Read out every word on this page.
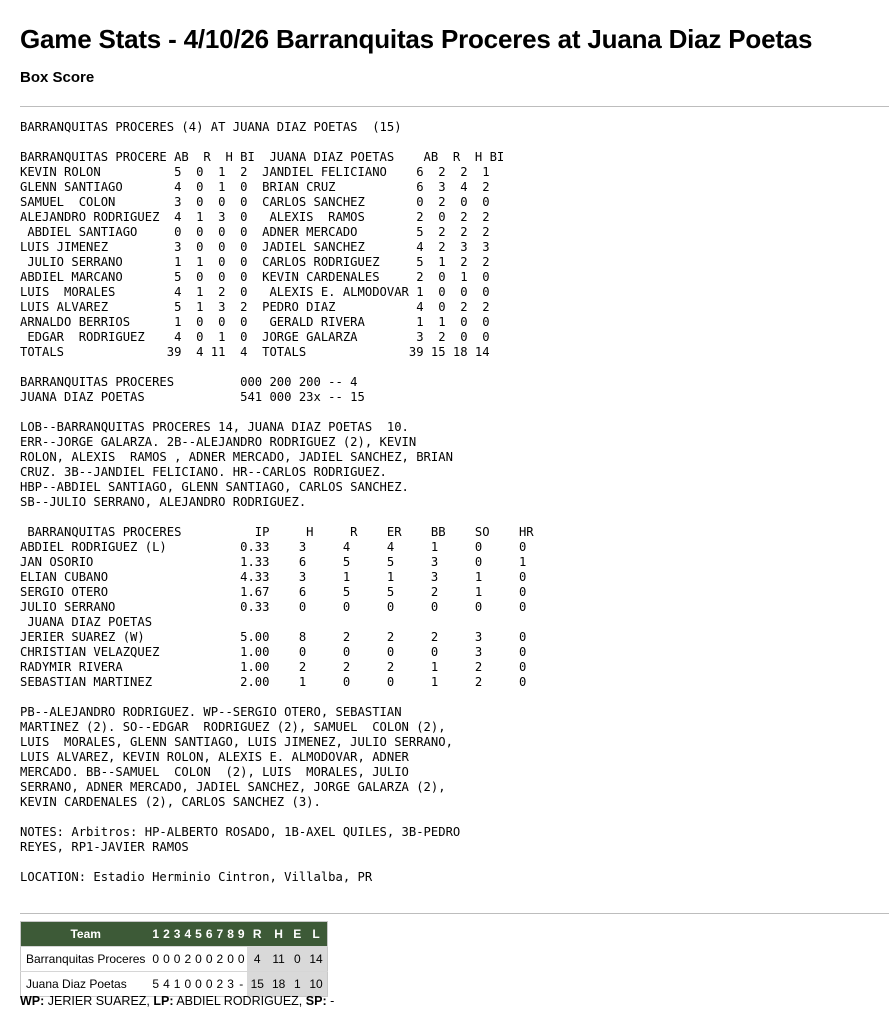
Game Stats - 4/10/26 Barranquitas Proceres at Juana Diaz Poetas
Box Score
BARRANQUITAS PROCERES (4) AT JUANA DIAZ POETAS  (15)

BARRANQUITAS PROCERE AB  R  H BI  JUANA DIAZ POETAS    AB  R  H BI
KEVIN ROLON          5  0  1  2  JANDIEL FELICIANO    6  2  2  1
GLENN SANTIAGO       4  0  1  0  BRIAN CRUZ           6  3  4  2
SAMUEL  COLON        3  0  0  0  CARLOS SANCHEZ       0  2  0  0
ALEJANDRO RODRIGUEZ  4  1  3  0   ALEXIS  RAMOS       2  0  2  2
ABDIEL SANTIAGO     0  0  0  0  ADNER MERCADO        5  2  2  2
LUIS JIMENEZ         3  0  0  0  JADIEL SANCHEZ       4  2  3  3
JULIO SERRANO       1  1  0  0  CARLOS RODRIGUEZ     5  1  2  2
ABDIEL MARCANO       5  0  0  0  KEVIN CARDENALES     2  0  1  0
LUIS  MORALES        4  1  2  0   ALEXIS E. ALMODOVAR 1  0  0  0
LUIS ALVAREZ         5  1  3  2  PEDRO DIAZ           4  0  2  2
ARNALDO BERRIOS      1  0  0  0   GERALD RIVERA       1  1  0  0
EDGAR  RODRIGUEZ    4  0  1  0  JORGE GALARZA        3  2  0  0
TOTALS              39  4 11  4  TOTALS              39 15 18 14

BARRANQUITAS PROCERES         000 200 200 -- 4
JUANA DIAZ POETAS             541 000 23x -- 15

LOB--BARRANQUITAS PROCERES 14, JUANA DIAZ POETAS  10.
ERR--JORGE GALARZA. 2B--ALEJANDRO RODRIGUEZ (2), KEVIN
ROLON, ALEXIS  RAMOS , ADNER MERCADO, JADIEL SANCHEZ, BRIAN
CRUZ. 3B--JANDIEL FELICIANO. HR--CARLOS RODRIGUEZ.
HBP--ABDIEL SANTIAGO, GLENN SANTIAGO, CARLOS SANCHEZ.
SB--JULIO SERRANO, ALEJANDRO RODRIGUEZ.

BARRANQUITAS PROCERES          IP     H     R    ER    BB    SO    HR
ABDIEL RODRIGUEZ (L)          0.33    3     4     4     1     0     0
JAN OSORIO                    1.33    6     5     5     3     0     1
ELIAN CUBANO                  4.33    3     1     1     3     1     0
SERGIO OTERO                  1.67    6     5     5     2     1     0
JULIO SERRANO                 0.33    0     0     0     0     0     0
JUANA DIAZ POETAS
JERIER SUAREZ (W)             5.00    8     2     2     2     3     0
CHRISTIAN VELAZQUEZ           1.00    0     0     0     0     3     0
RADYMIR RIVERA                1.00    2     2     2     1     2     0
SEBASTIAN MARTINEZ            2.00    1     0     0     1     2     0

PB--ALEJANDRO RODRIGUEZ. WP--SERGIO OTERO, SEBASTIAN
MARTINEZ (2). SO--EDGAR  RODRIGUEZ (2), SAMUEL  COLON (2),
LUIS  MORALES, GLENN SANTIAGO, LUIS JIMENEZ, JULIO SERRANO,
LUIS ALVAREZ, KEVIN ROLON, ALEXIS E. ALMODOVAR, ADNER
MERCADO. BB--SAMUEL  COLON  (2), LUIS  MORALES, JULIO
SERRANO, ADNER MERCADO, JADIEL SANCHEZ, JORGE GALARZA (2),
KEVIN CARDENALES (2), CARLOS SANCHEZ (3).

NOTES: Arbitros: HP-ALBERTO ROSADO, 1B-AXEL QUILES, 3B-PEDRO
REYES, RP1-JAVIER RAMOS

LOCATION: Estadio Herminio Cintron, Villalba, PR
Team	1	2	3	4	5	6	7	8	9	R	H	E	L
Barranquitas Proceres	0	0	0	2	0	0	2	0	0	4	11	0	14
Juana Diaz Poetas	5	4	1	0	0	0	2	3	-	15	18	1	10
WP: JERIER SUAREZ, LP: ABDIEL RODRIGUEZ, SP: -
